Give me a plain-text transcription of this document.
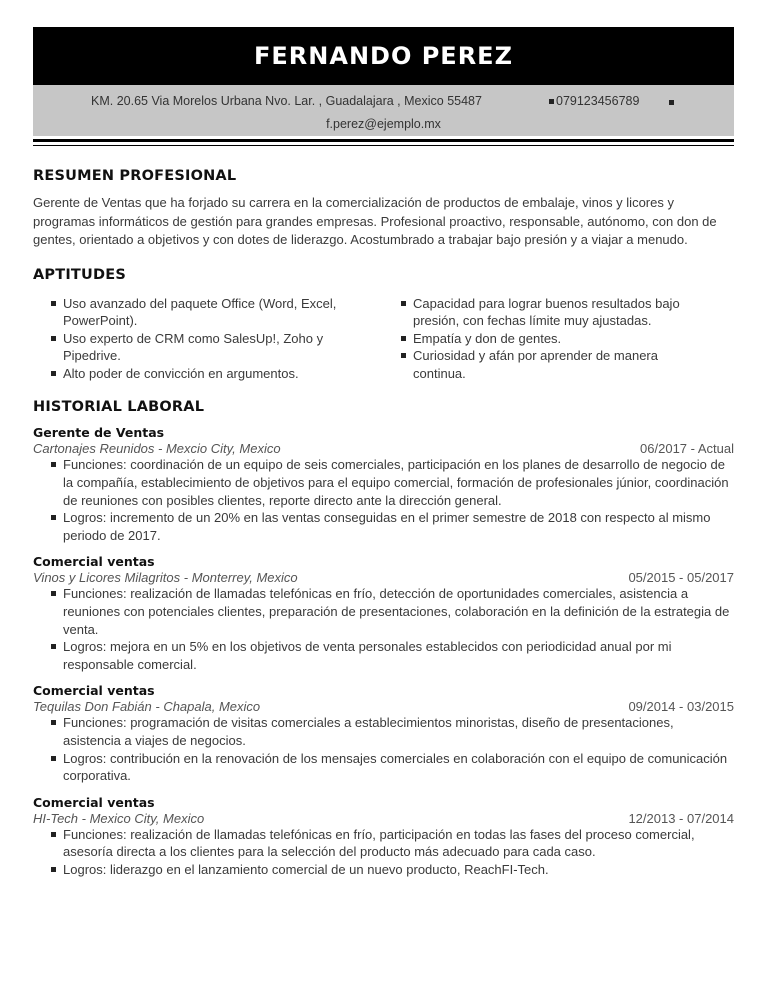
FERNANDO PEREZ
KM. 20.65 Via Morelos Urbana Nvo. Lar. , Guadalajara , Mexico 55487	0791234567​89
f.perez@ejemplo.mx
RESUMEN PROFESIONAL

Gerente de Ventas que ha forjado su carrera en la comercialización de productos de embalaje, vinos y licores y programas informáticos de gestión para grandes empresas. Profesional proactivo, responsable, autónomo, con don de gentes, orientado a objetivos y con dotes de liderazgo. Acostumbrado a trabajar bajo presión y a viajar a menudo.

APTITUDES
Uso avanzado del paquete Office (Word, Excel, PowerPoint).
Uso experto de CRM como SalesUp!, Zoho y Pipedrive.
Alto poder de convicción en argumentos.
Capacidad para lograr buenos resultados bajo presión, con fechas límite muy ajustadas.
Empatía y don de gentes.
Curiosidad y afán por aprender de manera continua.
HISTORIAL LABORAL
Gerente de Ventas
Cartonajes Reunidos - Mexcio City, Mexico	06/2017 - Actual
Funciones: coordinación de un equipo de seis comerciales, participación en los planes de desarrollo de negocio de la compañía, establecimiento de objetivos para el equipo comercial, formación de profesionales júnior, coordinación de reuniones con posibles clientes, reporte directo ante la dirección general.
Logros: incremento de un 20% en las ventas conseguidas en el primer semestre de 2018 con respecto al mismo periodo de 2017.
Comercial ventas
Vinos y Licores Milagritos - Monterrey, Mexico	05/2015 - 05/2017
Funciones: realización de llamadas telefónicas en frío, detección de oportunidades comerciales, asistencia a reuniones con potenciales clientes, preparación de presentaciones, colaboración en la definición de la estrategia de venta.
Logros: mejora en un 5% en los objetivos de venta personales establecidos con periodicidad anual por mi responsable comercial.
Comercial ventas
Tequilas Don Fabián - Chapala, Mexico	09/2014 - 03/2015
Funciones: programación de visitas comerciales a establecimientos minoristas, diseño de presentaciones, asistencia a viajes de negocios.
Logros: contribución en la renovación de los mensajes comerciales en colaboración con el equipo de comunicación corporativa.
Comercial ventas
HI-Tech - Mexico City, Mexico	12/2013 - 07/2014
Funciones: realización de llamadas telefónicas en frío, participación en todas las fases del proceso comercial, asesoría directa a los clientes para la selección del producto más adecuado para cada caso.
Logros: liderazgo en el lanzamiento comercial de un nuevo producto, ReachFI-Tech.
